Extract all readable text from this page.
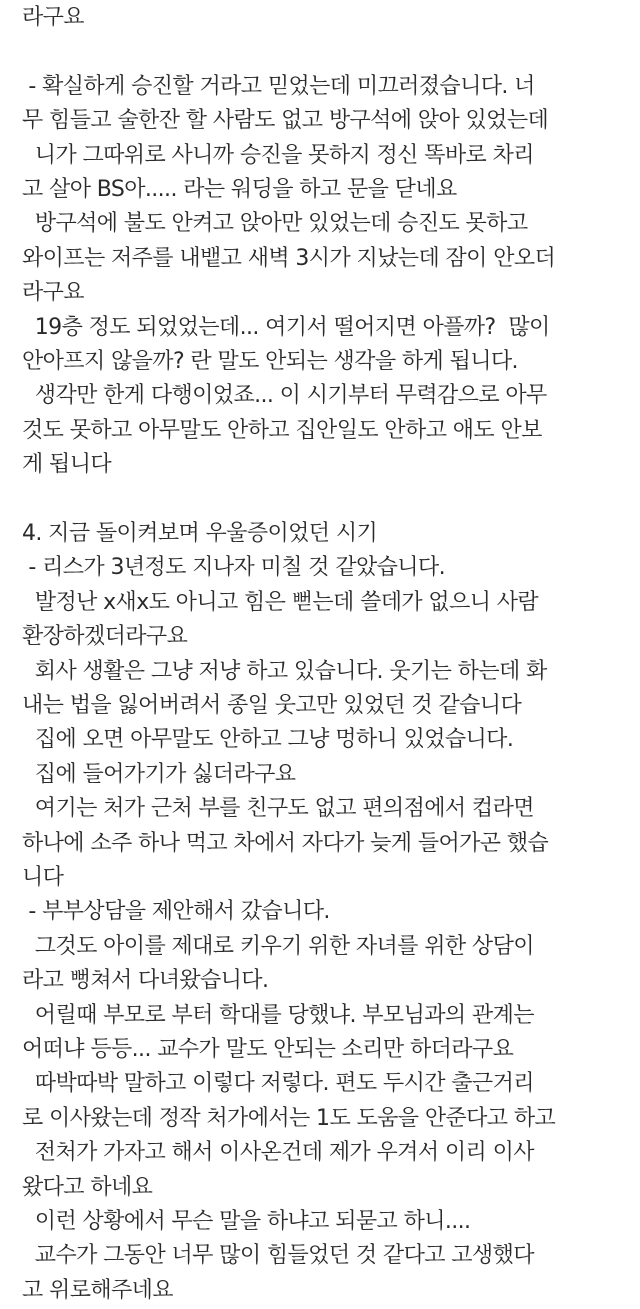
라구요
- 확실하게 승진할 거라고 믿었는데 미끄러졌습니다. 너
무 힘들고 술한잔 할 사람도 없고 방구석에 앉아 있었는데
니가 그따위로 사니까 승진을 못하지 정신 똑바로 차리
고 살아 BS아..... 라는 워딩을 하고 문을 닫네요
방구석에 불도 안켜고 앉아만 있었는데 승진도 못하고
와이프는 저주를 내뱉고 새벽 3시가 지났는데 잠이 안오더
라구요
19층 정도 되었었는데... 여기서 떨어지면 아플까?  많이
안아프지 않을까? 란 말도 안되는 생각을 하게 됩니다.
생각만 한게 다행이었죠... 이 시기부터 무력감으로 아무
것도 못하고 아무말도 안하고 집안일도 안하고 애도 안보
게 됩니다
4. 지금 돌이켜보며 우울증이었던 시기
- 리스가 3년정도 지나자 미칠 것 같았습니다.
발정난 x새x도 아니고 힘은 뻗는데 쓸데가 없으니 사람
환장하겠더라구요
회사 생활은 그냥 저냥 하고 있습니다. 웃기는 하는데 화
내는 법을 잃어버려서 종일 웃고만 있었던 것 같습니다
집에 오면 아무말도 안하고 그냥 멍하니 있었습니다.
집에 들어가기가 싫더라구요
여기는 처가 근처 부를 친구도 없고 편의점에서 컵라면
하나에 소주 하나 먹고 차에서 자다가 늦게 들어가곤 했습
니다
- 부부상담을 제안해서 갔습니다.
그것도 아이를 제대로 키우기 위한 자녀를 위한 상담이
라고 뻥쳐서 다녀왔습니다.
어릴때 부모로 부터 학대를 당했냐. 부모님과의 관계는
어떠냐 등등... 교수가 말도 안되는 소리만 하더라구요
따박따박 말하고 이렇다 저렇다. 편도 두시간 출근거리
로 이사왔는데 정작 처가에서는 1도 도움을 안준다고 하고
전처가 가자고 해서 이사온건데 제가 우겨서 이리 이사
왔다고 하네요
이런 상황에서 무슨 말을 하냐고 되묻고 하니....
교수가 그동안 너무 많이 힘들었던 것 같다고 고생했다
고 위로해주네요
